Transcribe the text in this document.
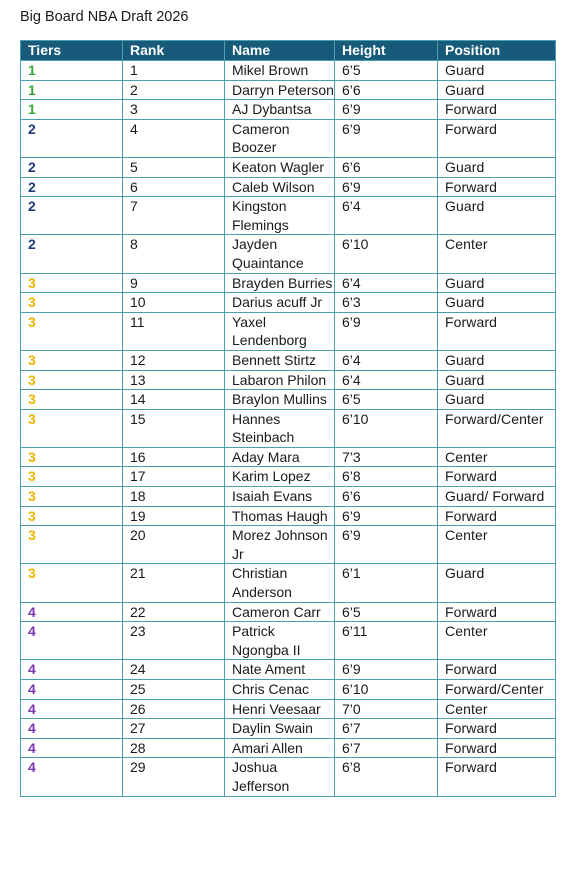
Big Board NBA Draft 2026
Tiers	Rank	Name	Height	Position
1	1	Mikel Brown	6’5	Guard
1	2	Darryn Peterson	6’6	Guard
1	3	AJ Dybantsa	6’9	Forward
2	4	Cameron Boozer	6’9	Forward
2	5	Keaton Wagler	6’6	Guard
2	6	Caleb Wilson	6’9	Forward
2	7	Kingston Flemings	6’4	Guard
2	8	Jayden Quaintance	6’10	Center
3	9	Brayden Burries	6’4	Guard
3	10	Darius acuff Jr	6’3	Guard
3	11	Yaxel Lendenborg	6’9	Forward
3	12	Bennett Stirtz	6’4	Guard
3	13	Labaron Philon	6’4	Guard
3	14	Braylon Mullins	6’5	Guard
3	15	Hannes Steinbach	6’10	Forward/Center
3	16	Aday Mara	7’3	Center
3	17	Karim Lopez	6’8	Forward
3	18	Isaiah Evans	6’6	Guard/ Forward
3	19	Thomas Haugh	6’9	Forward
3	20	Morez Johnson Jr	6’9	Center
3	21	Christian Anderson	6’1	Guard
4	22	Cameron Carr	6’5	Forward
4	23	Patrick Ngongba II	6’11	Center
4	24	Nate Ament	6’9	Forward
4	25	Chris Cenac	6’10	Forward/Center
4	26	Henri Veesaar	7’0	Center
4	27	Daylin Swain	6’7	Forward
4	28	Amari Allen	6’7	Forward
4	29	Joshua Jefferson	6’8	Forward
